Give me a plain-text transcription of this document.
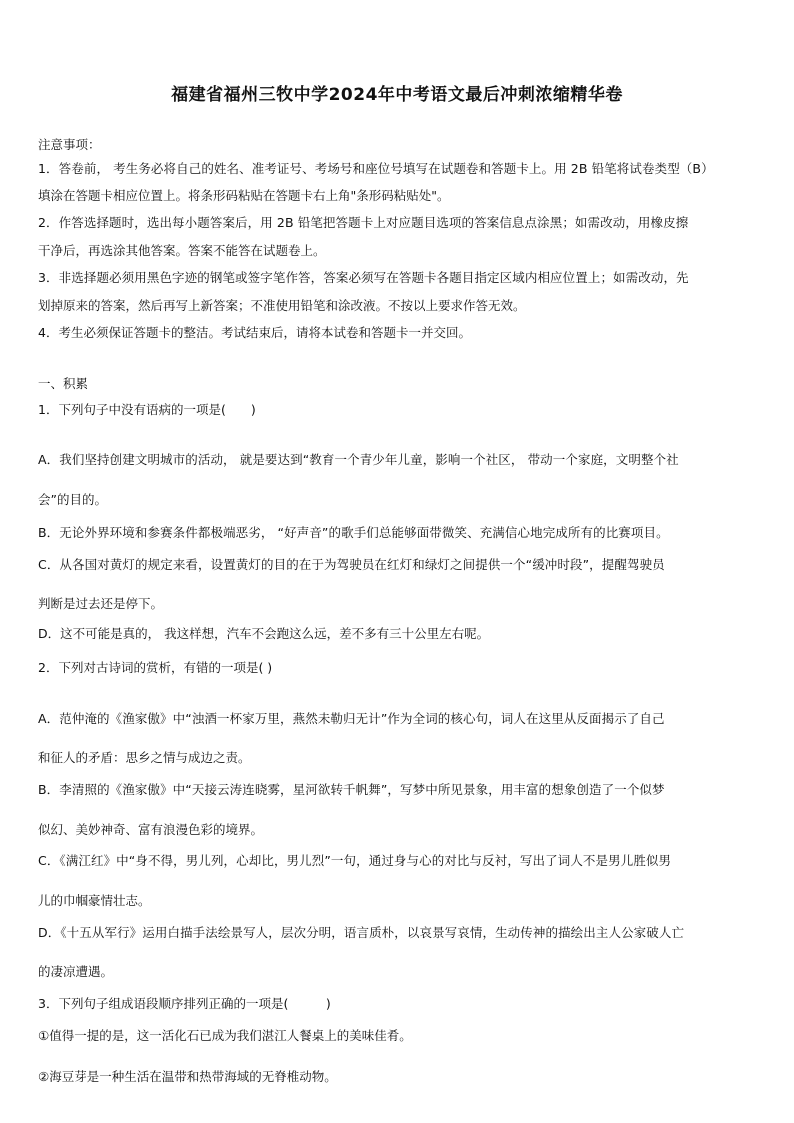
福建省福州三牧中学2024年中考语文最后冲刺浓缩精华卷
注意事项：
1．答卷前， 考生务必将自己的姓名、准考证号、考场号和座位号填写在试题卷和答题卡上。用 2B 铅笔将试卷类型（B）
填涂在答题卡相应位置上。将条形码粘贴在答题卡右上角"条形码粘贴处"。
2．作答选择题时，选出每小题答案后，用 2B 铅笔把答题卡上对应题目选项的答案信息点涂黑；如需改动，用橡皮擦
干净后，再选涂其他答案。答案不能答在试题卷上。
3．非选择题必须用黑色字迹的钢笔或签字笔作答，答案必须写在答题卡各题目指定区域内相应位置上；如需改动，先
划掉原来的答案，然后再写上新答案；不准使用铅笔和涂改液。不按以上要求作答无效。
4．考生必须保证答题卡的整洁。考试结束后，请将本试卷和答题卡一并交回。
一、积累
1．下列句子中没有语病的一项是(　　)
A．我们坚持创建文明城市的活动， 就是要达到“教育一个青少年儿童，影响一个社区， 带动一个家庭，文明整个社
会”的目的。
B．无论外界环境和参赛条件都极端恶劣， “好声音”的歌手们总能够面带微笑、充满信心地完成所有的比赛项目。
C．从各国对黄灯的规定来看，设置黄灯的目的在于为驾驶员在红灯和绿灯之间提供一个“缓冲时段”，提醒驾驶员
判断是过去还是停下。
D．这不可能是真的， 我这样想，汽车不会跑这么远，差不多有三十公里左右呢。
2．下列对古诗词的赏析，有错的一项是( )
A．范仲淹的《渔家傲》中“浊酒一杯家万里，燕然未勒归无计”作为全词的核心句，词人在这里从反面揭示了自己
和征人的矛盾：思乡之情与成边之责。
B．李清照的《渔家傲》中“天接云涛连晓雾，星河欲转千帆舞”，写梦中所见景象，用丰富的想象创造了一个似梦
似幻、美妙神奇、富有浪漫色彩的境界。
C．《满江红》中“身不得，男儿列，心却比，男儿烈”一句，通过身与心的对比与反衬，写出了词人不是男儿胜似男
儿的巾帼豪情壮志。
D．《十五从军行》运用白描手法绘景写人，层次分明，语言质朴，以哀景写哀情，生动传神的描绘出主人公家破人亡
的凄凉遭遇。
3．下列句子组成语段顺序排列正确的一项是(　　　)
①值得一提的是，这一活化石已成为我们湛江人餐桌上的美味佳肴。
②海豆芽是一种生活在温带和热带海域的无脊椎动物。
